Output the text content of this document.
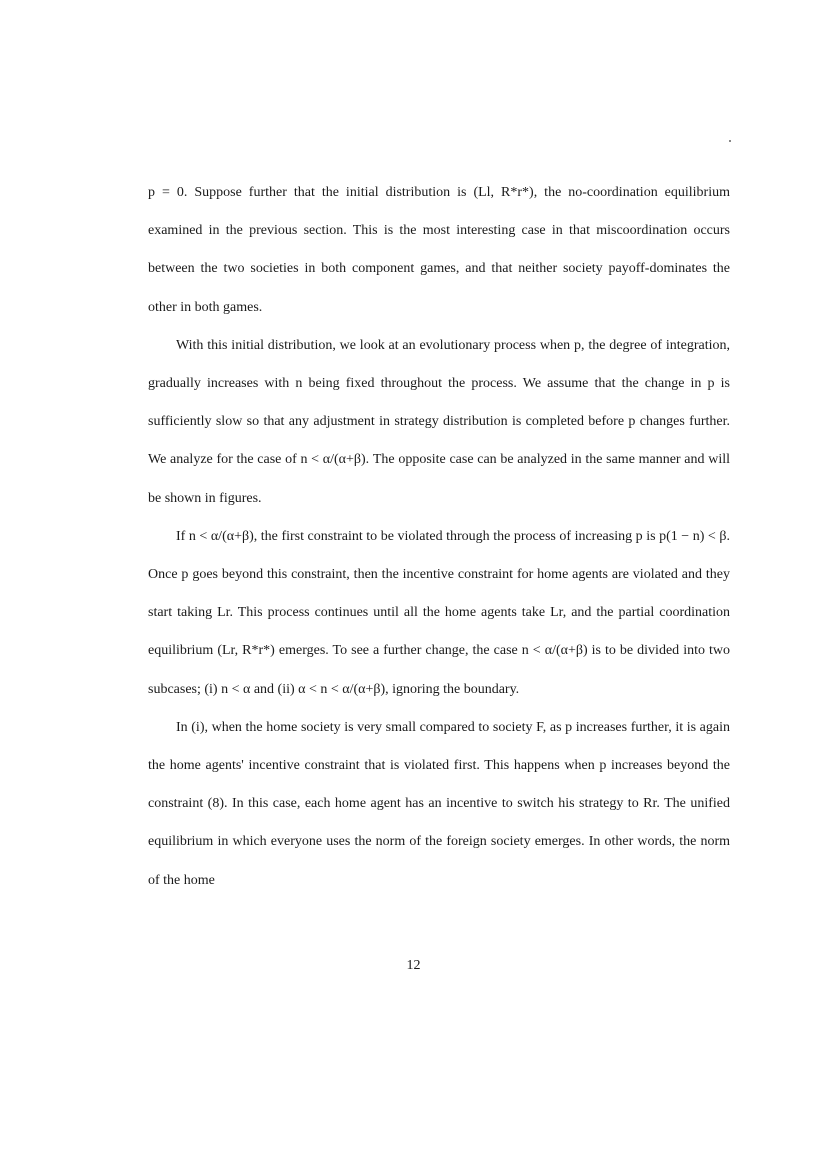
p = 0. Suppose further that the initial distribution is (Ll, R*r*), the no-coordination equilibrium examined in the previous section. This is the most interesting case in that miscoordination occurs between the two societies in both component games, and that neither society payoff-dominates the other in both games.

With this initial distribution, we look at an evolutionary process when p, the degree of integration, gradually increases with n being fixed throughout the process. We assume that the change in p is sufficiently slow so that any adjustment in strategy distribution is completed before p changes further. We analyze for the case of n < α/(α+β). The opposite case can be analyzed in the same manner and will be shown in figures.

If n < α/(α+β), the first constraint to be violated through the process of increasing p is p(1 − n) < β. Once p goes beyond this constraint, then the incentive constraint for home agents are violated and they start taking Lr. This process continues until all the home agents take Lr, and the partial coordination equilibrium (Lr, R*r*) emerges. To see a further change, the case n < α/(α+β) is to be divided into two subcases; (i) n < α and (ii) α < n < α/(α+β), ignoring the boundary.

In (i), when the home society is very small compared to society F, as p increases further, it is again the home agents' incentive constraint that is violated first. This happens when p increases beyond the constraint (8). In this case, each home agent has an incentive to switch his strategy to Rr. The unified equilibrium in which everyone uses the norm of the foreign society emerges. In other words, the norm of the home

12
